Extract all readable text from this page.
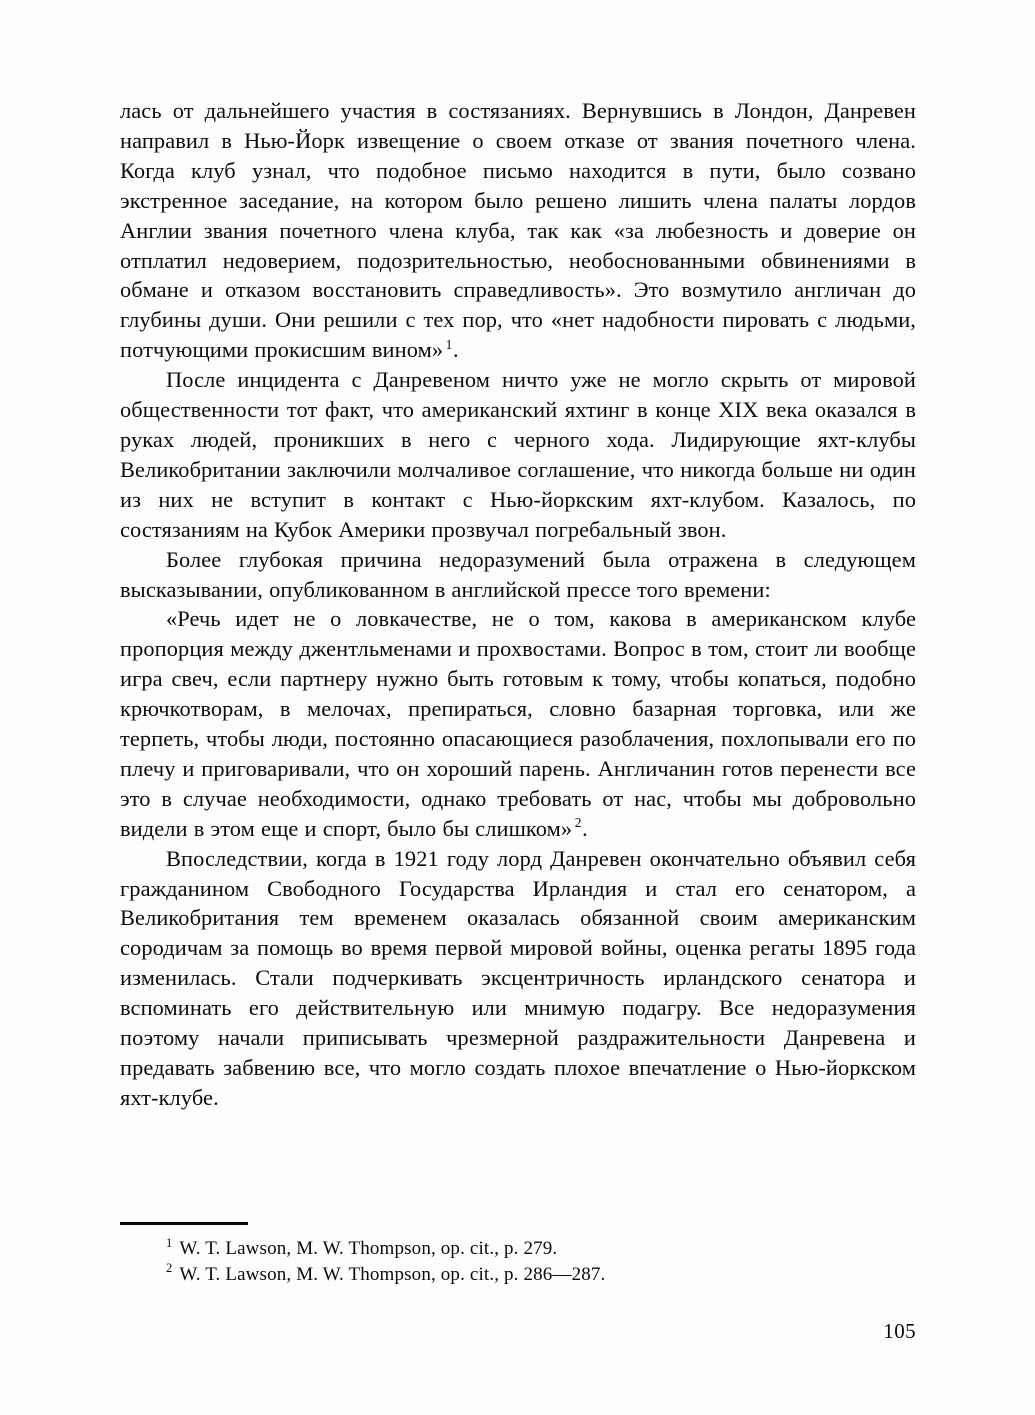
лась от дальнейшего участия в состязаниях. Вернувшись в Лондон, Данревен направил в Нью-Йорк извещение о своем отказе от звания почетного члена. Когда клуб узнал, что подобное письмо находится в пути, было созвано экстренное заседание, на котором было решено лишить члена палаты лордов Англии звания почетного члена клуба, так как «за любезность и доверие он отплатил недоверием, подозрительностью, необоснованными обвинениями в обмане и отказом восстановить справедливость». Это возмутило англичан до глубины души. Они решили с тех пор, что «нет надобности пировать с людьми, потчующими прокисшим вином» $^1$.

После инцидента с Данревеном ничто уже не могло скрыть от мировой общественности тот факт, что американский яхтинг в конце XIX века оказался в руках людей, проникших в него с черного хода. Лидирующие яхт-клубы Великобритании заключили молчаливое соглашение, что никогда больше ни один из них не вступит в контакт с Нью-йоркским яхт-клубом. Казалось, по состязаниям на Кубок Америки прозвучал погребальный звон.

Более глубокая причина недоразумений была отражена в следующем высказывании, опубликованном в английской прессе того времени:

«Речь идет не о ловкачестве, не о том, какова в американском клубе пропорция между джентльменами и прохвостами. Вопрос в том, стоит ли вообще игра свеч, если партнеру нужно быть готовым к тому, чтобы копаться, подобно крючкотворам, в мелочах, препираться, словно базарная торговка, или же терпеть, чтобы люди, постоянно опасающиеся разоблачения, похлопывали его по плечу и приговаривали, что он хороший парень. Англичанин готов перенести все это в случае необходимости, однако требовать от нас, чтобы мы добровольно видели в этом еще и спорт, было бы слишком» $^2$.

Впоследствии, когда в 1921 году лорд Данревен окончательно объявил себя гражданином Свободного Государства Ирландия и стал его сенатором, а Великобритания тем временем оказалась обязанной своим американским сородичам за помощь во время первой мировой войны, оценка регаты 1895 года изменилась. Стали подчеркивать эксцентричность ирландского сенатора и вспоминать его действительную или мнимую подагру. Все недоразумения поэтому начали приписывать чрезмерной раздражительности Данревена и предавать забвению все, что могло создать плохое впечатление о Нью-йоркском яхт-клубе.

$^1$ W. T. Lawson, M. W. Thompson, op. cit., p. 279.
$^2$ W. T. Lawson, M. W. Thompson, op. cit., p. 286—287.
105
